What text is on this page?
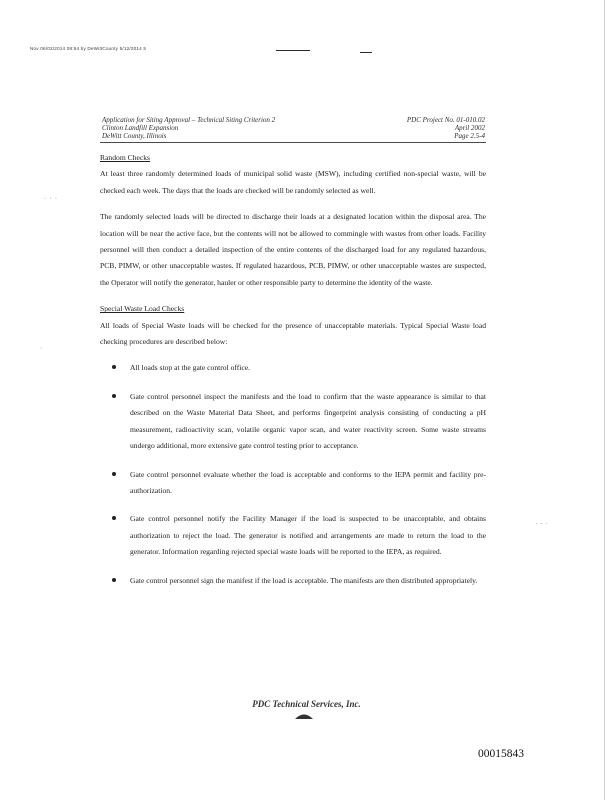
Nov 06/02/2014 08:54 by DeWittCounty 5/12/2014 5
· · ·
·
. . .
Application for Siting Approval – Technical Siting Criterion 2
Clinton Landfill Expansion
DeWitt County, Illinois
PDC Project No. 01-010.02
April 2002
Page 2.5-4

Random Checks

At least three randomly determined loads of municipal solid waste (MSW), including certified non-special waste, will be checked each week. The days that the loads are checked will be randomly selected as well.

The randomly selected loads will be directed to discharge their loads at a designated location within the disposal area. The location will be near the active face, but the contents will not be allowed to commingle with wastes from other loads. Facility personnel will then conduct a detailed inspection of the entire contents of the discharged load for any regulated hazardous, PCB, PIMW, or other unacceptable wastes. If regulated hazardous, PCB, PIMW, or other unacceptable wastes are suspected, the Operator will notify the generator, hauler or other responsible party to determine the identity of the waste.

Special Waste Load Checks

All loads of Special Waste loads will be checked for the presence of unacceptable materials. Typical Special Waste load checking procedures are described below:

All loads stop at the gate control office.
Gate control personnel inspect the manifests and the load to confirm that the waste appearance is similar to that described on the Waste Material Data Sheet, and performs fingerprint analysis consisting of conducting a pH measurement, radioactivity scan, volatile organic vapor scan, and water reactivity screen. Some waste streams undergo additional, more extensive gate control testing prior to acceptance.
Gate control personnel evaluate whether the load is acceptable and conforms to the IEPA permit and facility pre-authorization.
Gate control personnel notify the Facility Manager if the load is suspected to be unacceptable, and obtains authorization to reject the load. The generator is notified and arrangements are made to return the load to the generator. Information regarding rejected special waste loads will be reported to the IEPA, as required.
Gate control personnel sign the manifest if the load is acceptable. The manifests are then distributed appropriately.
PDC Technical Services, Inc.
00015843
